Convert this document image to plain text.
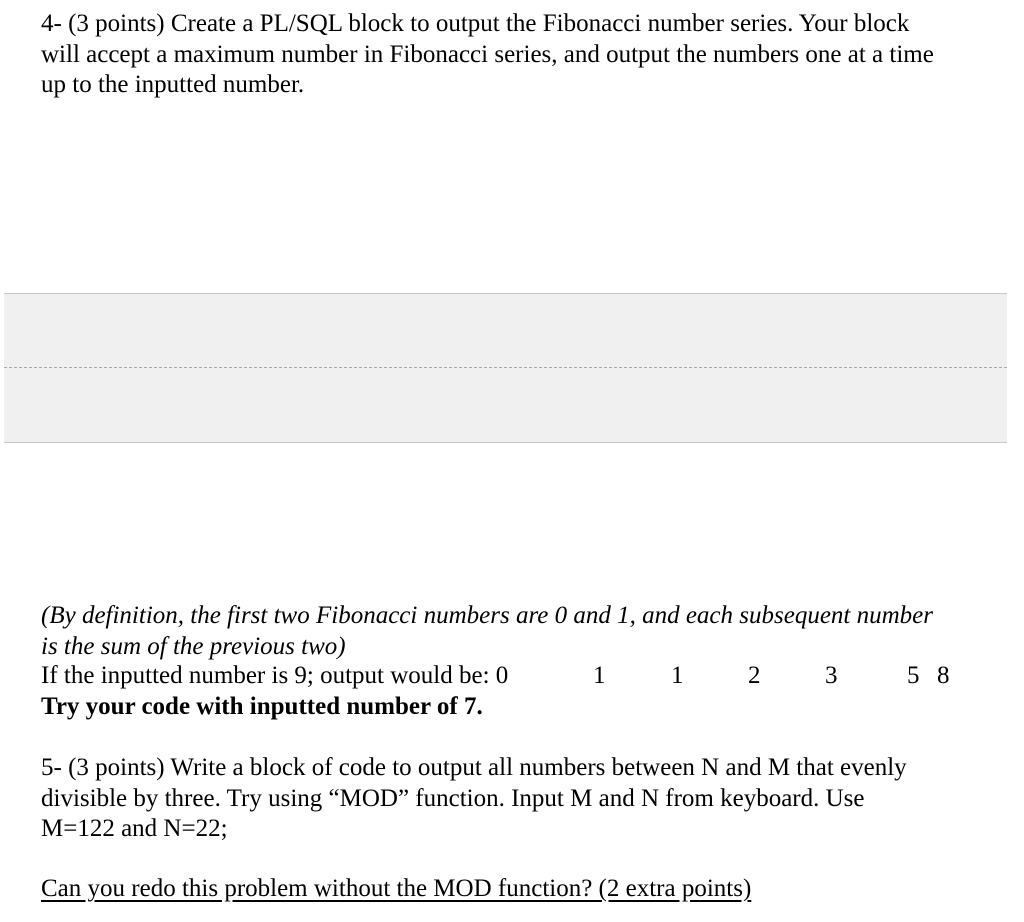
4- (3 points) Create a PL/SQL block to output the Fibonacci number series. Your block
will accept a maximum number in Fibonacci series, and output the numbers one at a time
up to the inputted number.
(By definition, the first two Fibonacci numbers are 0 and 1, and each subsequent number
is the sum of the previous two)
If the inputted number is 9; output would be: 0	1	1	2	3	5 8
Try your code with inputted number of 7.
5- (3 points) Write a block of code to output all numbers between N and M that evenly
divisible by three. Try using “MOD” function. Input M and N from keyboard. Use
M=122 and N=22;
Can you redo this problem without the MOD function? (2 extra points)
